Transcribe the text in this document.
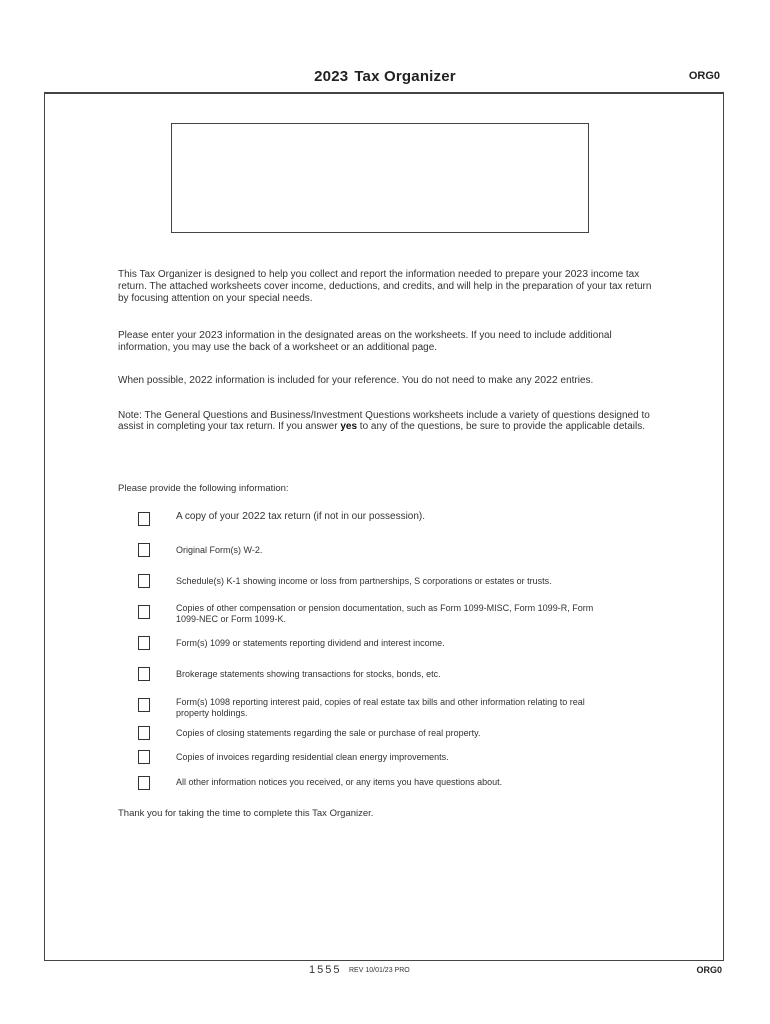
2023 Tax Organizer	ORG0
This Tax Organizer is designed to help you collect and report the information needed to prepare your 2023 income tax return. The attached worksheets cover income, deductions, and credits, and will help in the preparation of your tax return by focusing attention on your special needs.
Please enter your 2023 information in the designated areas on the worksheets. If you need to include additional information, you may use the back of a worksheet or an additional page.
When possible, 2022 information is included for your reference. You do not need to make any 2022 entries.
Note: The General Questions and Business/Investment Questions worksheets include a variety of questions designed to assist in completing your tax return. If you answer yes to any of the questions, be sure to provide the applicable details.
Please provide the following information:
A copy of your 2022 tax return (if not in our possession).
Original Form(s) W-2.
Schedule(s) K-1 showing income or loss from partnerships, S corporations or estates or trusts.
Copies of other compensation or pension documentation, such as Form 1099-MISC, Form 1099-R, Form 1099-NEC or Form 1099-K.
Form(s) 1099 or statements reporting dividend and interest income.
Brokerage statements showing transactions for stocks, bonds, etc.
Form(s) 1098 reporting interest paid, copies of real estate tax bills and other information relating to real property holdings.
Copies of closing statements regarding the sale or purchase of real property.
Copies of invoices regarding residential clean energy improvements.
All other information notices you received, or any items you have questions about.
Thank you for taking the time to complete this Tax Organizer.
1555 REV 10/01/23 PRO	ORG0
